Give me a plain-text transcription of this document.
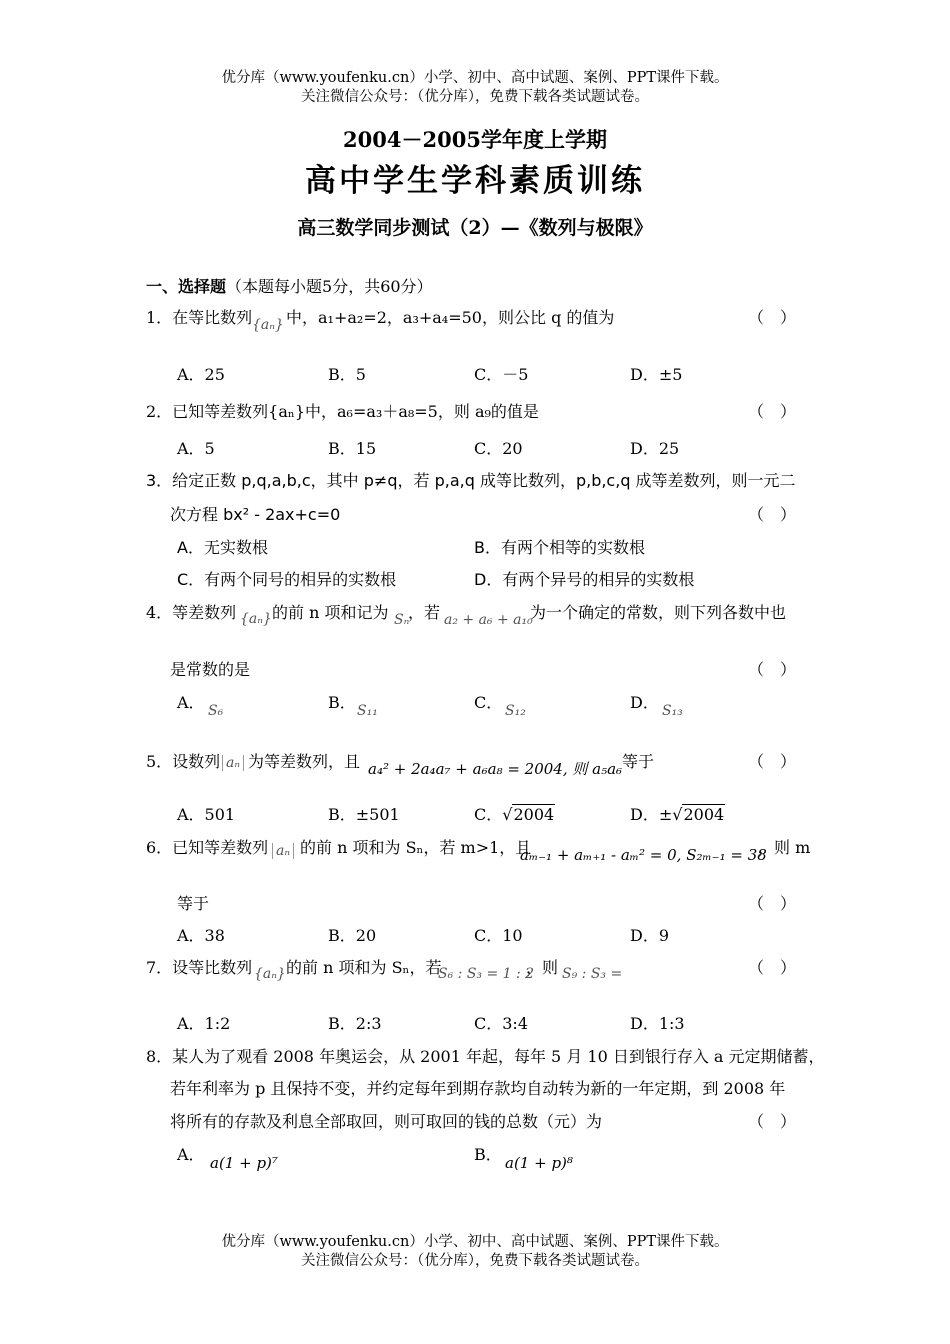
优分库（www.youfenku.cn）小学、初中、高中试题、案例、PPT课件下载。
关注微信公众号：（优分库），免费下载各类试题试卷。
2004－2005学年度上学期
高中学生学科素质训练
高三数学同步测试（2）—《数列与极限》
一、选择题（本题每小题5分，共60分）
1．在等比数列 {aₙ} 中，a₁+a₂=2，a₃+a₄=50，则公比 q 的值为	（　）
A．25	B．5	C．－5	D．±5
2．已知等差数列{aₙ}中，a₆=a₃＋a₈=5，则 a₉的值是	（　）
A．5	B．15	C．20	D．25
3．给定正数 p,q,a,b,c，其中 p≠q，若 p,a,q 成等比数列，p,b,c,q 成等差数列，则一元二
次方程 bx² - 2ax+c=0	（　）
A．无实数根	B．有两个相等的实数根
C．有两个同号的相异的实数根	D．有两个异号的相异的实数根
4．等差数列 {aₙ} 的前 n 项和记为 Sₙ
，若 a₂ + a₆ + a₁₀
为一个确定的常数，则下列各数中也
是常数的是	（　）
A． S₆	B． S₁₁	C． S₁₂	D． S₁₃
5．设数列 aₙ 为等差数列，且 a₄² + 2a₄a₇ + a₆a₈ = 2004, 则 a₅a₆ 等于	（　）
A．501	B．±501	C．√2004	D．±√2004
6．已知等差数列 aₙ 的前 n 项和为 Sₙ，若 m>1，且
aₘ₋₁ + aₘ₊₁ - aₘ² = 0, S₂ₘ₋₁ = 38
，则 m
等于	（　）
A．38	B．20	C．10	D．9
7．设等比数列 {aₙ} 的前 n 项和为 Sₙ，若
S₆ : S₃ = 1 : 2
，则 S₉ : S₃ =	（　）
A．1:2	B．2:3	C．3:4	D．1:3
8．某人为了观看 2008 年奥运会，从 2001 年起，每年 5 月 10 日到银行存入 a 元定期储蓄，
若年利率为 p 且保持不变，并约定每年到期存款均自动转为新的一年定期，到 2008 年
将所有的存款及利息全部取回，则可取回的钱的总数（元）为	（　）
A． a(1 + p)⁷	B． a(1 + p)⁸
优分库（www.youfenku.cn）小学、初中、高中试题、案例、PPT课件下载。
关注微信公众号：（优分库），免费下载各类试题试卷。
